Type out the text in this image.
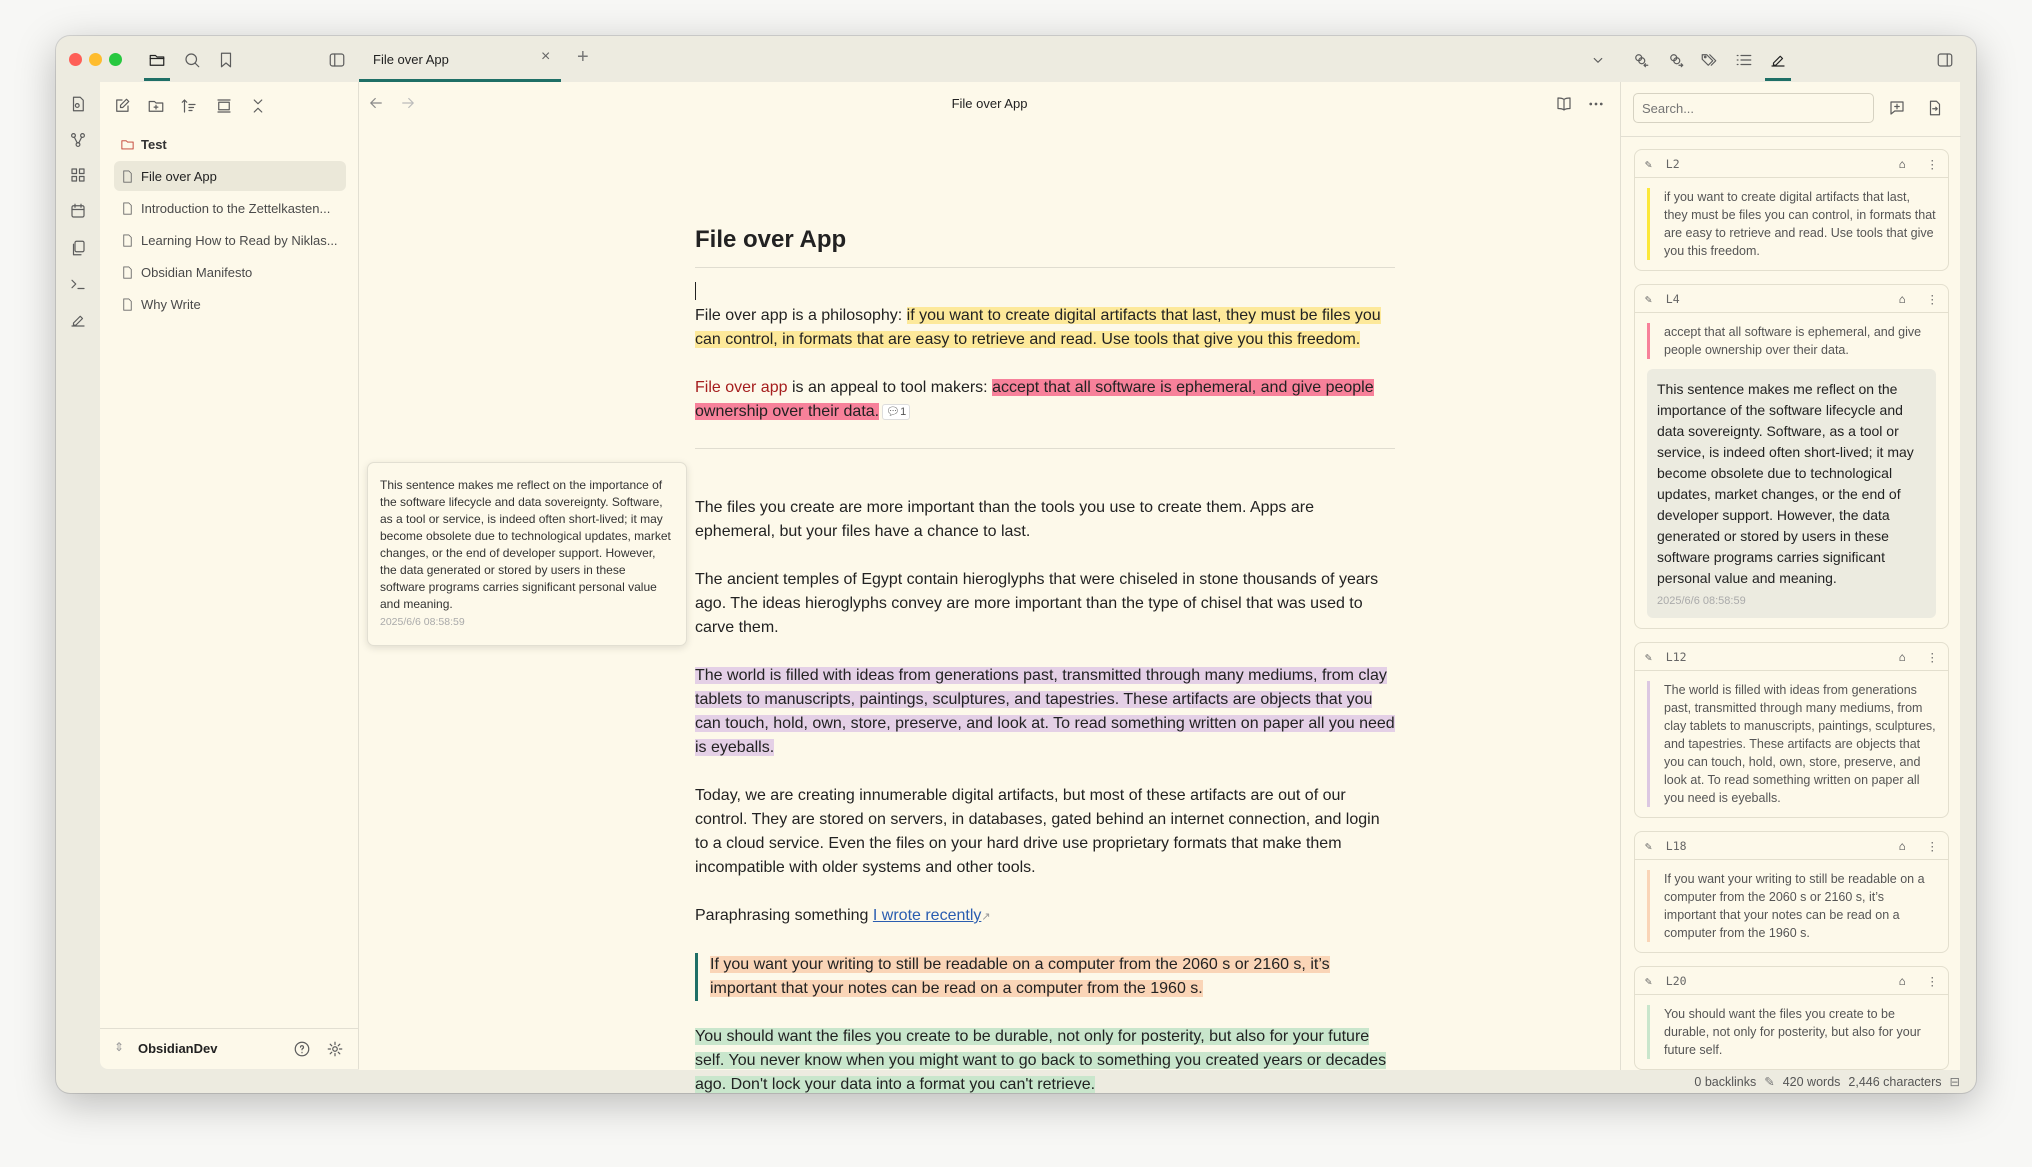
File over App	× +
Test
File over App
Introduction to the Zettelkasten...
Learning How to Read by Niklas...
Obsidian Manifesto
Why Write
⇕ ObsidianDev
File over App
File over App

File over app is a philosophy: if you want to create digital artifacts that last, they must be files you can control, in formats that are easy to retrieve and read. Use tools that give you this freedom.

File over app is an appeal to tool makers: accept that all software is ephemeral, and give people ownership over their data. 💬︎1

The files you create are more important than the tools you use to create them. Apps are ephemeral, but your files have a chance to last.

The ancient temples of Egypt contain hieroglyphs that were chiseled in stone thousands of years ago. The ideas hieroglyphs convey are more important than the type of chisel that was used to carve them.

The world is filled with ideas from generations past, transmitted through many mediums, from clay tablets to manuscripts, paintings, sculptures, and tapestries. These artifacts are objects that you can touch, hold, own, store, preserve, and look at. To read something written on paper all you need is eyeballs.

Today, we are creating innumerable digital artifacts, but most of these artifacts are out of our control. They are stored on servers, in databases, gated behind an internet connection, and login to a cloud service. Even the files on your hard drive use proprietary formats that make them incompatible with older systems and other tools.

Paraphrasing something I wrote recently↗

If you want your writing to still be readable on a computer from the 2060 s or 2160 s, it’s important that your notes can be read on a computer from the 1960 s.

You should want the files you create to be durable, not only for posterity, but also for your future self. You never know when you might want to go back to something you created years or decades ago. Don't lock your data into a format you can't retrieve.

This sentence makes me reflect on the importance of the software lifecycle and data sovereignty. Software, as a tool or service, is indeed often short-lived; it may become obsolete due to technological updates, market changes, or the end of developer support. However, the data generated or stored by users in these software programs carries significant personal value and meaning.
2025/6/6 08:58:59
Search...
✎
L2	⌂
⋮
if you want to create digital artifacts that last, they must be files you can control, in formats that are easy to retrieve and read. Use tools that give you this freedom.
✎
L4	⌂
⋮
accept that all software is ephemeral, and give people ownership over their data.
This sentence makes me reflect on the importance of the software lifecycle and data sovereignty. Software, as a tool or service, is indeed often short-lived; it may become obsolete due to technological updates, market changes, or the end of developer support. However, the data generated or stored by users in these software programs carries significant personal value and meaning.
2025/6/6 08:58:59
✎
L12	⌂
⋮
The world is filled with ideas from generations past, transmitted through many mediums, from clay tablets to manuscripts, paintings, sculptures, and tapestries. These artifacts are objects that you can touch, hold, own, store, preserve, and look at. To read something written on paper all you need is eyeballs.
✎
L18	⌂
⋮
If you want your writing to still be readable on a computer from the 2060 s or 2160 s, it’s important that your notes can be read on a computer from the 1960 s.
✎
L20	⌂
⋮
You should want the files you create to be durable, not only for posterity, but also for your future self.
0 backlinks ✎ 420 words 2,446 characters ⊟
